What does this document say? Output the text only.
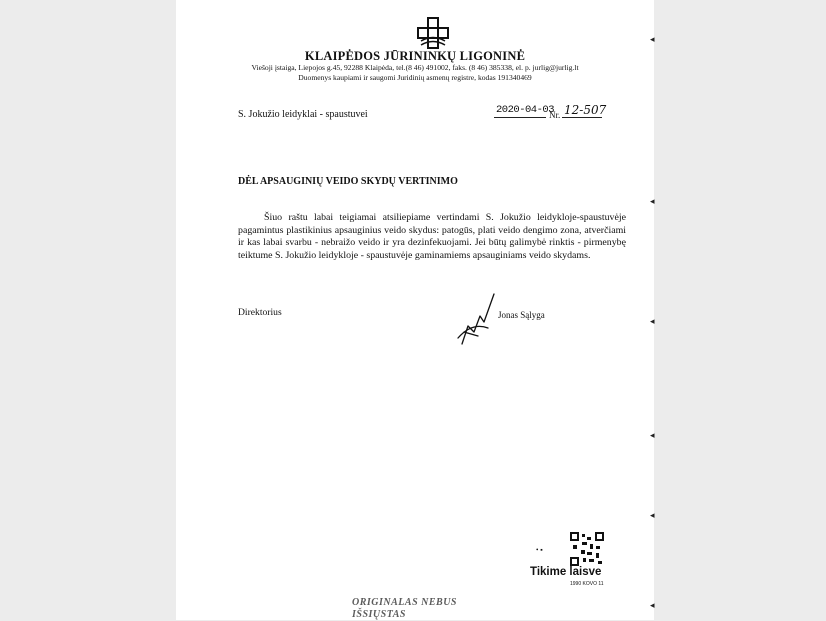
KLAIPĖDOS JŪRININKŲ LIGONINĖ
Viešoji įstaiga, Liepojos g.45, 92288 Klaipėda, tel.(8 46) 491002, faks. (8 46) 385338, el. p. jurlig@jurlig.lt
Duomenys kaupiami ir saugomi Juridinių asmenų registre, kodas 191340469
S. Jokužio leidyklai - spaustuvei	2020-04-03
Nr. 12-507
DĖL APSAUGINIŲ VEIDO SKYDŲ VERTINIMO
Šiuo raštu labai teigiamai atsiliepiame vertindami S. Jokužio leidykloje-spaustuvėje pagamintus plastikinius apsauginius veido skydus: patogūs, plati veido dengimo zona, atverčiami ir kas labai svarbu - nebraižo veido ir yra dezinfekuojami. Jei būtų galimybė rinktis - pirmenybę teiktume S. Jokužio leidykloje - spaustuvėje gaminamiems apsauginiams veido skydams.
Direktorius	Jonas Sąlyga
• ▪
Tikime laisve
1990 KOVO 11
ORIGINALAS NEBUS
IŠSIŲSTAS
◂
◂
◂
◂
◂
◂
